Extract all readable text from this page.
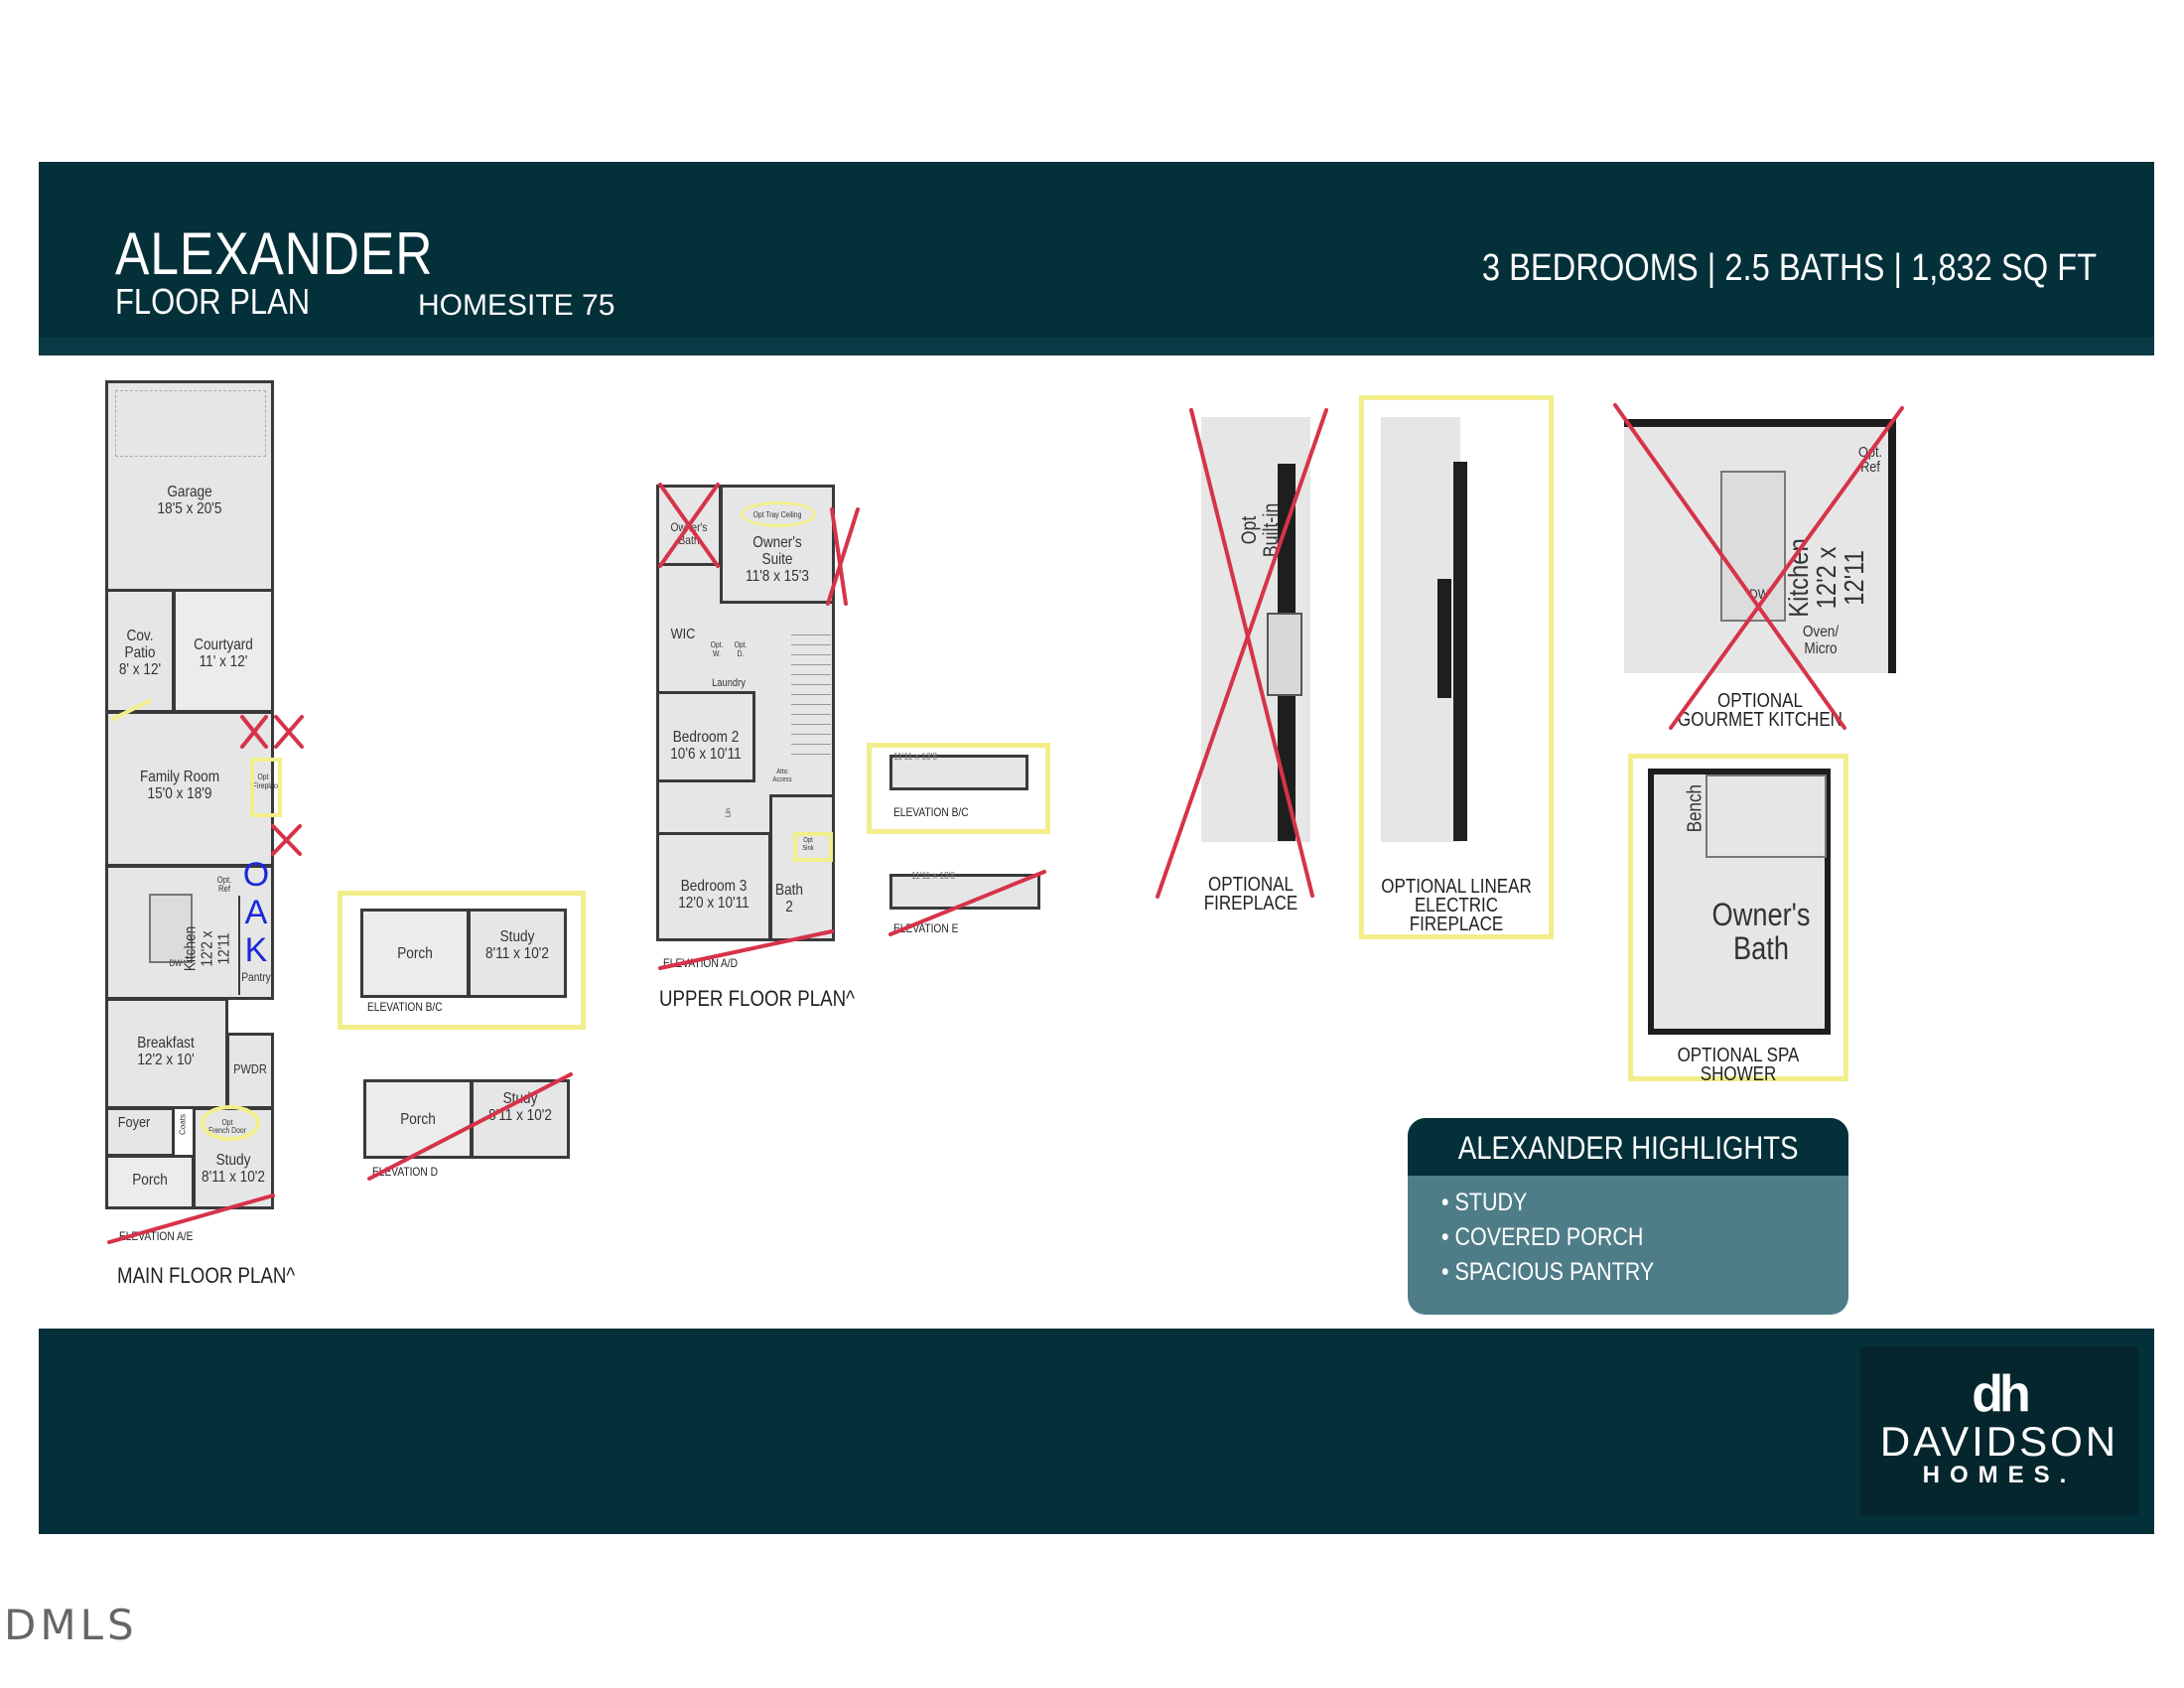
ALEXANDER
FLOOR PLAN	HOMESITE 75
3 BEDROOMS | 2.5 BATHS | 1,832 SQ FT
Garage
18'5 x 20'5
Cov.
Patio
8' x 12'
Courtyard
11' x 12'
Family Room
15'0 x 18'9
Opt
Fireplace
Kitchen
12'2 x 12'11
Opt.
Ref
DW
Pantry
O
A
K
Breakfast
12'2 x 10'
PWDR
Foyer	Coats
Porch
Study
8'11 x 10'2
Opt
French Door
ELEVATION A/E
MAIN FLOOR PLAN^
Porch
Study
8'11 x 10'2
ELEVATION B/C
Porch
Study
8'11 x 10'2
ELEVATION D
Owner's
Bath	Owner's
Suite
11'8 x 15'3
Opt Tray Ceiling
WIC
Opt.
W.
Opt.
D.
Laundry
Bedroom 2
10'6 x 10'11
Attic
Access
Lin
Bedroom 3
12'0 x 10'11
Bath
2
Opt
Sink
ELEVATION A/D
UPPER FLOOR PLAN^
11'11 x 13'8
ELEVATION B/C
11'11 x 13'8
ELEVATION E
Opt
Built-in
OPTIONAL FIREPLACE
OPTIONAL LINEAR
ELECTRIC FIREPLACE
Kitchen
12'2 x 12'11
Opt.
Ref
Oven/
Micro
DW
OPTIONAL
GOURMET KITCHEN
Bench
Owner's
Bath
OPTIONAL SPA SHOWER
ALEXANDER HIGHLIGHTS
• STUDY
• COVERED PORCH
• SPACIOUS PANTRY
dh
DAVIDSON
HOMES.
DMLS
